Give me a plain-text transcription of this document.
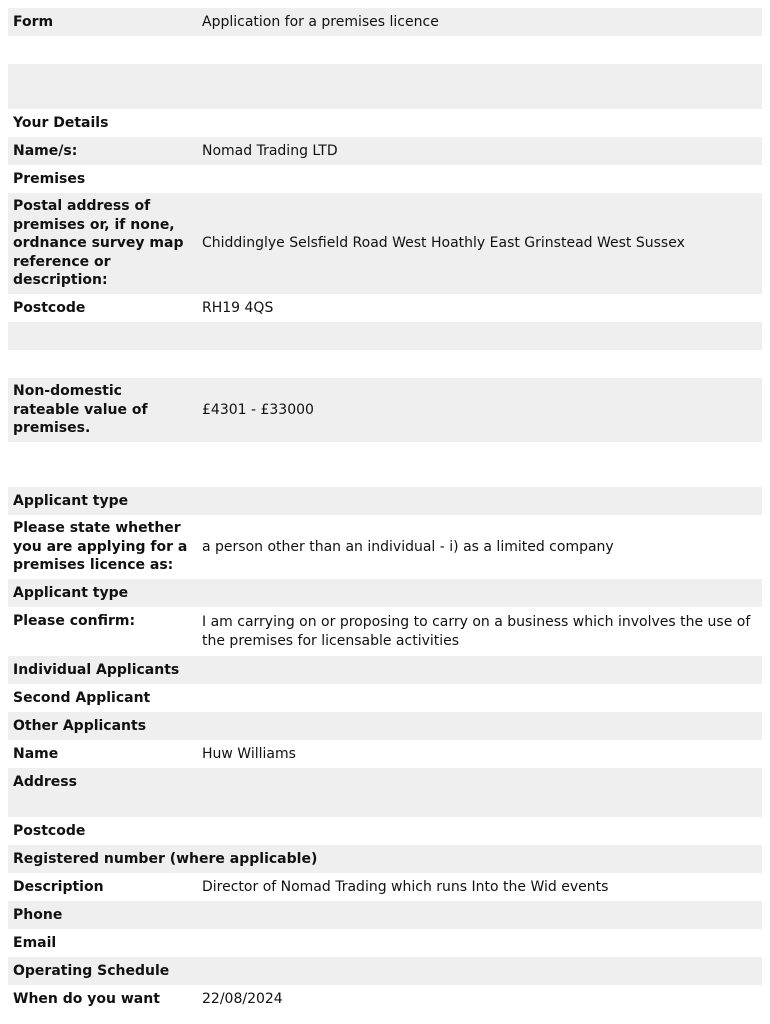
Form	Application for a premises licence

Your Details	
Name/s:	Nomad Trading LTD
Premises	
Postal address of premises or, if none, ordnance survey map reference or description:	Chiddinglye Selsfield Road West Hoathly East Grinstead West Sussex
Postcode	RH19 4QS

Non-domestic rateable value of premises.	£4301 - £33000

Applicant type	
Please state whether you are applying for a premises licence as:	a person other than an individual - i) as a limited company
Applicant type	
Please confirm:	I am carrying on or proposing to carry on a business which involves the use of the premises for licensable activities
Individual Applicants	
Second Applicant	
Other Applicants	
Name	Huw Williams
Address	
Postcode	
Registered number (where applicable)	
Description	Director of Nomad Trading which runs Into the Wid events
Phone	
Email	
Operating Schedule	
When do you want	22/08/2024
